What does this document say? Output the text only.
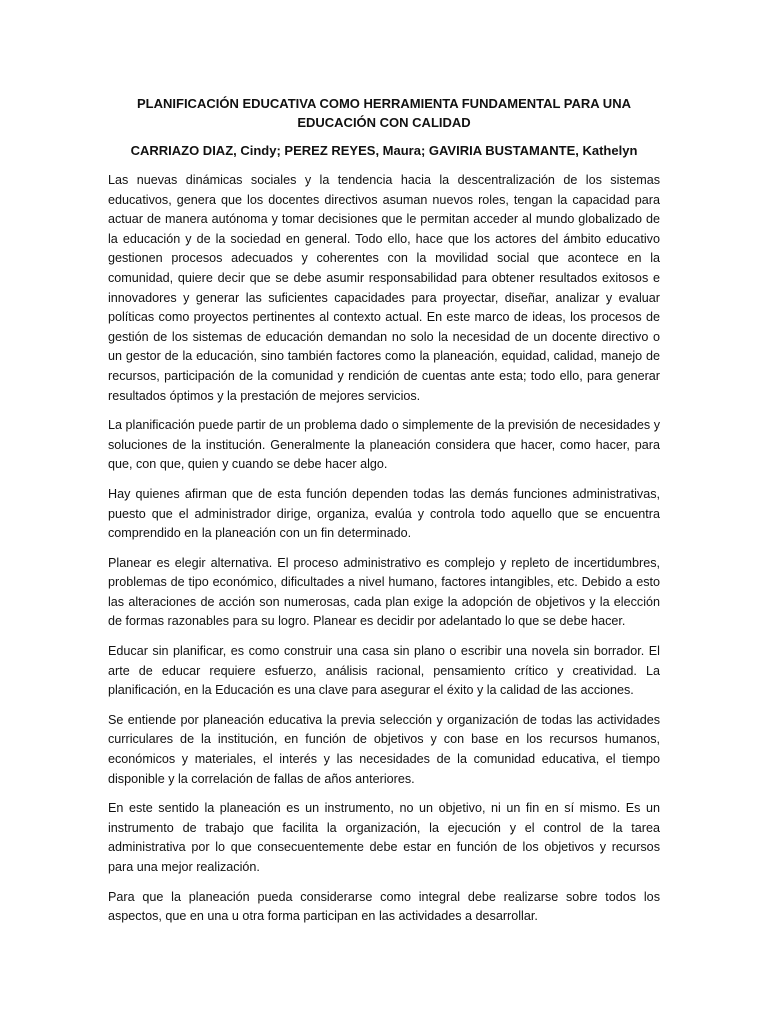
PLANIFICACIÓN EDUCATIVA COMO HERRAMIENTA FUNDAMENTAL PARA UNA EDUCACIÓN CON CALIDAD

CARRIAZO DIAZ, Cindy; PEREZ REYES, Maura; GAVIRIA BUSTAMANTE, Kathelyn

Las nuevas dinámicas sociales y la tendencia hacia la descentralización de los sistemas educativos, genera que los docentes directivos asuman nuevos roles, tengan la capacidad para actuar de manera autónoma y tomar decisiones que le permitan acceder al mundo globalizado de la educación y de la sociedad en general. Todo ello, hace que los actores del ámbito educativo gestionen procesos adecuados y coherentes con la movilidad social que acontece en la comunidad, quiere decir que se debe asumir responsabilidad para obtener resultados exitosos e innovadores y generar las suficientes capacidades para proyectar, diseñar, analizar y evaluar políticas como proyectos pertinentes al contexto actual. En este marco de ideas, los procesos de gestión de los sistemas de educación demandan no solo la necesidad de un docente directivo o un gestor de la educación, sino también factores como la planeación, equidad, calidad, manejo de recursos, participación de la comunidad y rendición de cuentas ante esta; todo ello, para generar resultados óptimos y la prestación de mejores servicios.

La planificación puede partir de un problema dado o simplemente de la previsión de necesidades y soluciones de la institución. Generalmente la planeación considera que hacer, como hacer, para que, con que, quien y cuando se debe hacer algo.

Hay quienes afirman que de esta función dependen todas las demás funciones administrativas, puesto que el administrador dirige, organiza, evalúa y controla todo aquello que se encuentra comprendido en la planeación con un fin determinado.

Planear es elegir alternativa. El proceso administrativo es complejo y repleto de incertidumbres, problemas de tipo económico, dificultades a nivel humano, factores intangibles, etc. Debido a esto las alteraciones de acción son numerosas, cada plan exige la adopción de objetivos y la elección de formas razonables para su logro. Planear es decidir por adelantado lo que se debe hacer.

Educar sin planificar, es como construir una casa sin plano o escribir una novela sin borrador. El arte de educar requiere esfuerzo, análisis racional, pensamiento crítico y creatividad. La planificación, en la Educación es una clave para asegurar el éxito y la calidad de las acciones.

Se entiende por planeación educativa la previa selección y organización de todas las actividades curriculares de la institución, en función de objetivos y con base en los recursos humanos, económicos y materiales, el interés y las necesidades de la comunidad educativa, el tiempo disponible y la correlación de fallas de años anteriores.

En este sentido la planeación es un instrumento, no un objetivo, ni un fin en sí mismo. Es un instrumento de trabajo que facilita la organización, la ejecución y el control de la tarea administrativa por lo que consecuentemente debe estar en función de los objetivos y recursos para una mejor realización.

Para que la planeación pueda considerarse como integral debe realizarse sobre todos los aspectos, que en una u otra forma participan en las actividades a desarrollar.
